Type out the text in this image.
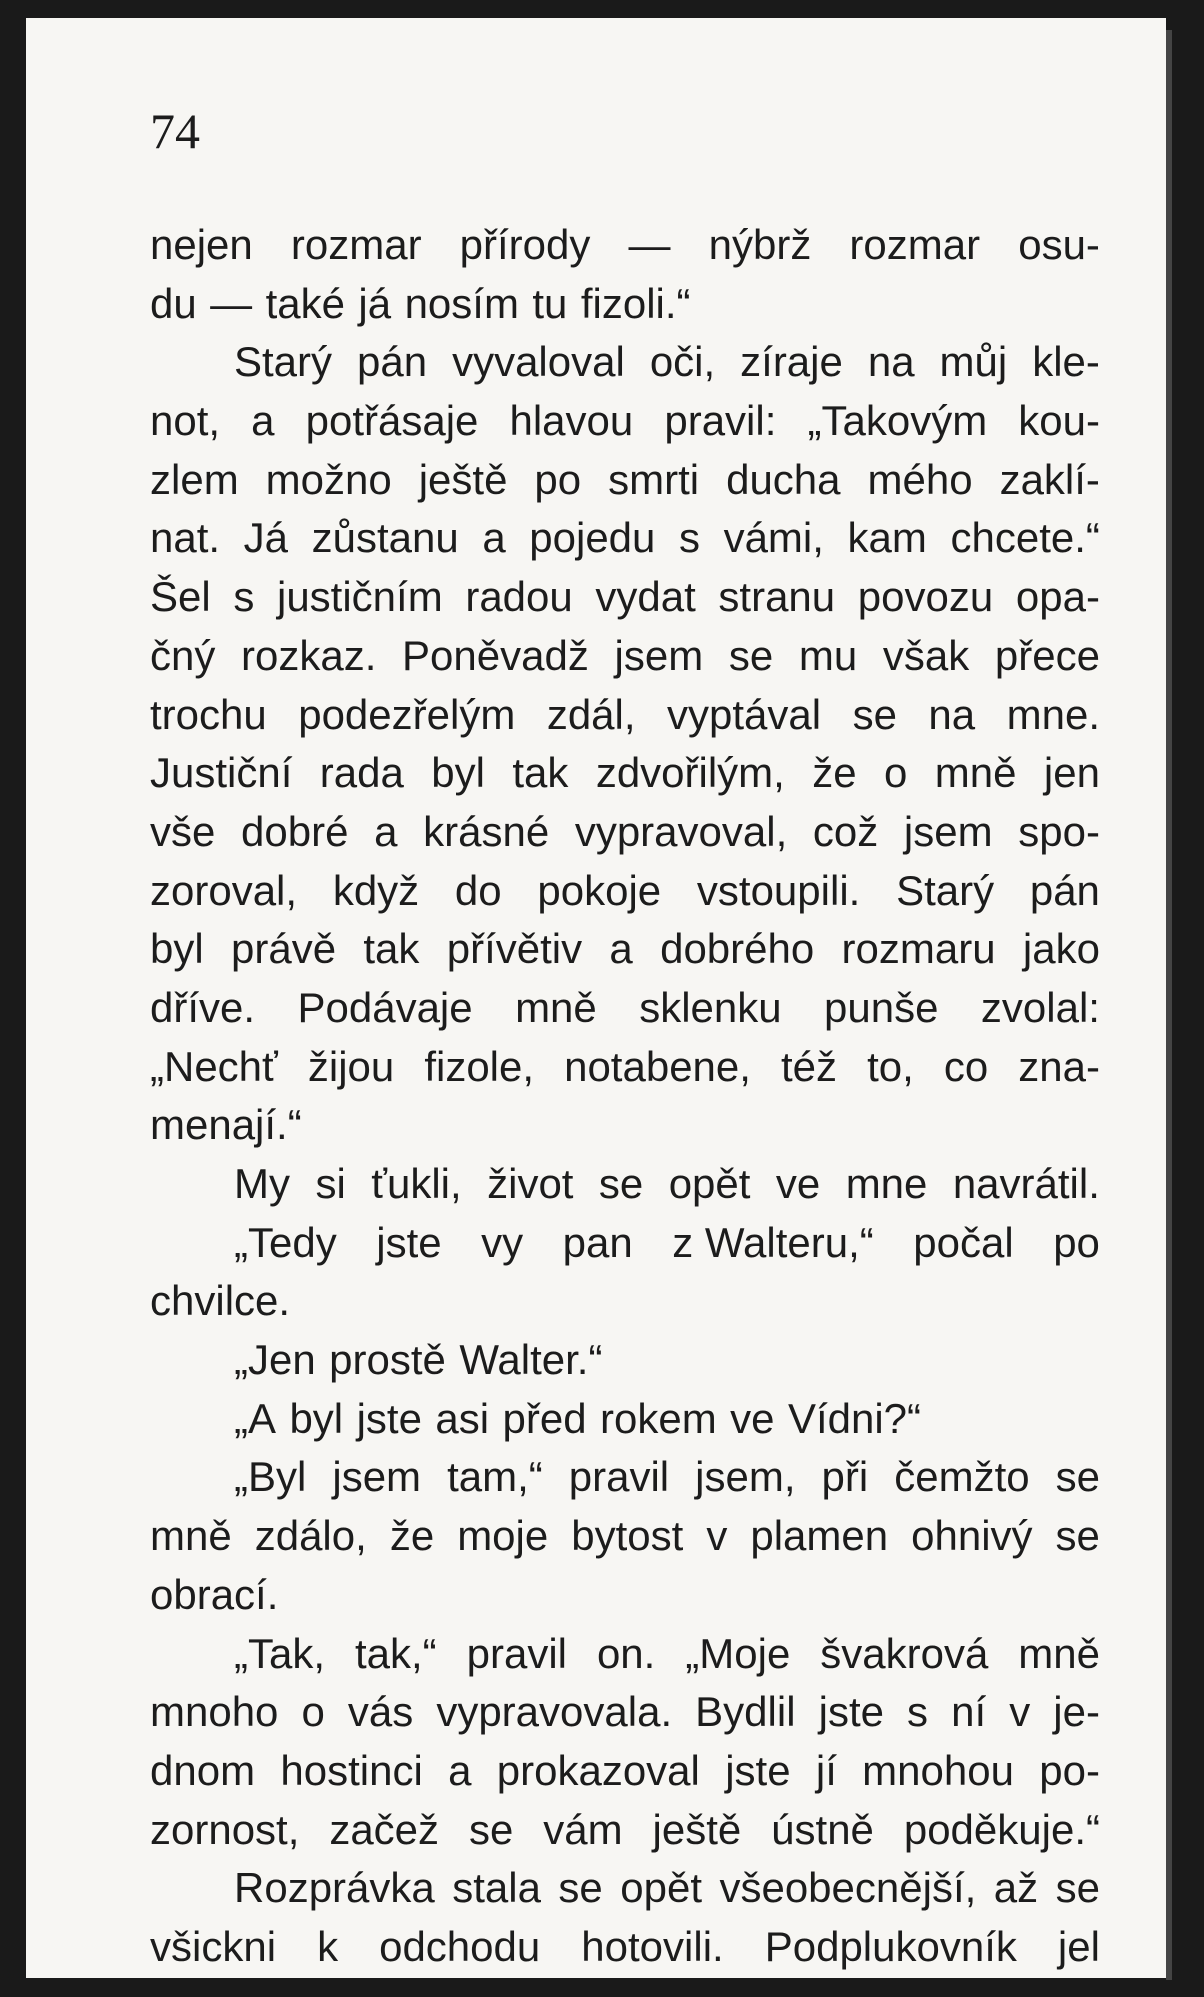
74
nejen rozmar přírody — nýbrž rozmar osu-
du — také já nosím tu fizoli.“
Starý pán vyvaloval oči, zíraje na můj kle-
not, a potřásaje hlavou pravil: „Takovým kou-
zlem možno ještě po smrti ducha mého zaklí-
nat. Já zůstanu a pojedu s vámi, kam chcete.“
Šel s justičním radou vydat stranu povozu opa-
čný rozkaz. Poněvadž jsem se mu však přece
trochu podezřelým zdál, vyptával se na mne.
Justiční rada byl tak zdvořilým, že o mně jen
vše dobré a krásné vypravoval, což jsem spo-
zoroval, když do pokoje vstoupili. Starý pán
byl právě tak přívětiv a dobrého rozmaru jako
dříve. Podávaje mně sklenku punše zvolal:
„Nechť žijou fizole, notabene, též to, co zna-
menají.“
My si ťukli, život se opět ve mne navrátil.
„Tedy jste vy pan z Walteru,“ počal po
chvilce.
„Jen prostě Walter.“
„A byl jste asi před rokem ve Vídni?“
„Byl jsem tam,“ pravil jsem, při čemžto se
mně zdálo, že moje bytost v plamen ohnivý se
obrací.
„Tak, tak,“ pravil on. „Moje švakrová mně
mnoho o vás vypravovala. Bydlil jste s ní v je-
dnom hostinci a prokazoval jste jí mnohou po-
zornost, začež se vám ještě ústně poděkuje.“
Rozprávka stala se opět všeobecnější, až se
všickni k odchodu hotovili. Podplukovník jel
